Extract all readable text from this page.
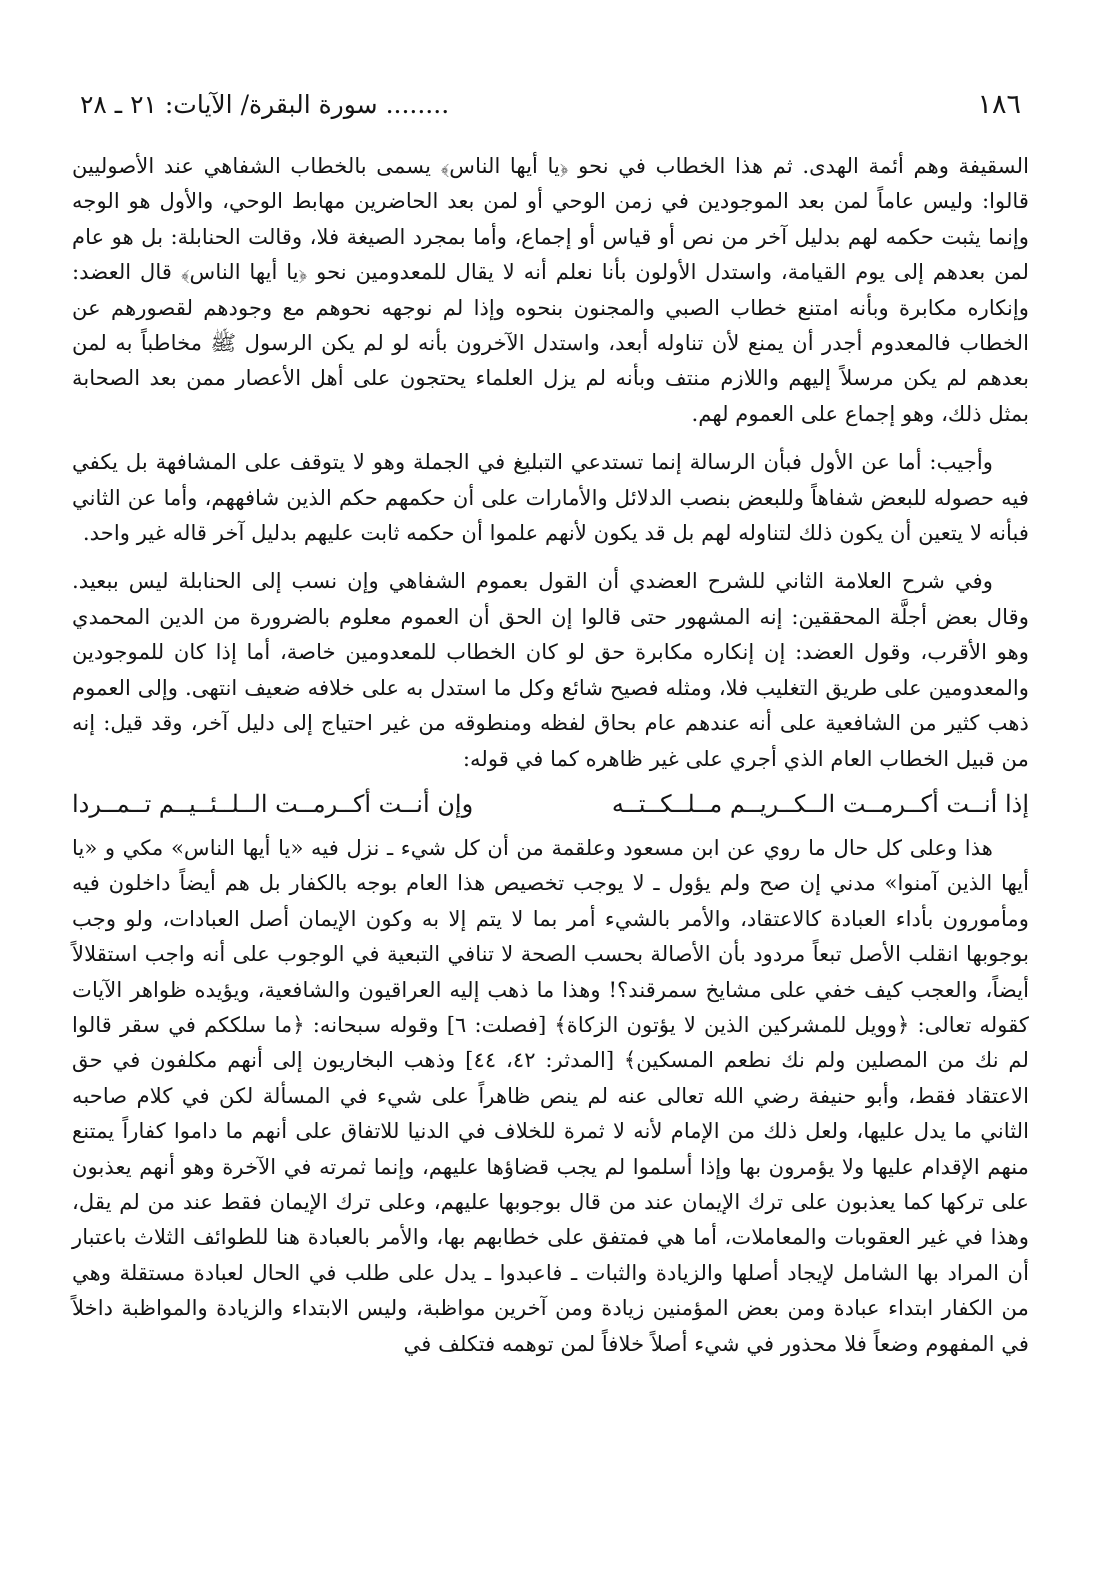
١٨٦
........ سورة البقرة/ الآيات: ٢١ ـ ٢٨

السقيفة وهم أئمة الهدى. ثم هذا الخطاب في نحو ﴿يا أيها الناس﴾ يسمى بالخطاب الشفاهي عند الأصوليين قالوا: وليس عاماً لمن بعد الموجودين في زمن الوحي أو لمن بعد الحاضرين مهابط الوحي، والأول هو الوجه وإنما يثبت حكمه لهم بدليل آخر من نص أو قياس أو إجماع، وأما بمجرد الصيغة فلا، وقالت الحنابلة: بل هو عام لمن بعدهم إلى يوم القيامة، واستدل الأولون بأنا نعلم أنه لا يقال للمعدومين نحو ﴿يا أيها الناس﴾ قال العضد: وإنكاره مكابرة وبأنه امتنع خطاب الصبي والمجنون بنحوه وإذا لم نوجهه نحوهم مع وجودهم لقصورهم عن الخطاب فالمعدوم أجدر أن يمنع لأن تناوله أبعد، واستدل الآخرون بأنه لو لم يكن الرسول ﷺ مخاطباً به لمن بعدهم لم يكن مرسلاً إليهم واللازم منتف وبأنه لم يزل العلماء يحتجون على أهل الأعصار ممن بعد الصحابة بمثل ذلك، وهو إجماع على العموم لهم.

وأجيب: أما عن الأول فبأن الرسالة إنما تستدعي التبليغ في الجملة وهو لا يتوقف على المشافهة بل يكفي فيه حصوله للبعض شفاهاً وللبعض بنصب الدلائل والأمارات على أن حكمهم حكم الذين شافههم، وأما عن الثاني فبأنه لا يتعين أن يكون ذلك لتناوله لهم بل قد يكون لأنهم علموا أن حكمه ثابت عليهم بدليل آخر قاله غير واحد.

وفي شرح العلامة الثاني للشرح العضدي أن القول بعموم الشفاهي وإن نسب إلى الحنابلة ليس ببعيد. وقال بعض أجلَّة المحققين: إنه المشهور حتى قالوا إن الحق أن العموم معلوم بالضرورة من الدين المحمدي وهو الأقرب، وقول العضد: إن إنكاره مكابرة حق لو كان الخطاب للمعدومين خاصة، أما إذا كان للموجودين والمعدومين على طريق التغليب فلا، ومثله فصيح شائع وكل ما استدل به على خلافه ضعيف انتهى. وإلى العموم ذهب كثير من الشافعية على أنه عندهم عام بحاق لفظه ومنطوقه من غير احتياج إلى دليل آخر، وقد قيل: إنه من قبيل الخطاب العام الذي أجري على غير ظاهره كما في قوله:

إذا أنــت أكــرمــت الــكــريــم مــلــكــتــه
وإن أنــت أكــرمــت الــلــئــيــم تــمــردا

هذا وعلى كل حال ما روي عن ابن مسعود وعلقمة من أن كل شيء ـ نزل فيه «يا أيها الناس» مكي و «يا أيها الذين آمنوا» مدني إن صح ولم يؤول ـ لا يوجب تخصيص هذا العام بوجه بالكفار بل هم أيضاً داخلون فيه ومأمورون بأداء العبادة كالاعتقاد، والأمر بالشيء أمر بما لا يتم إلا به وكون الإيمان أصل العبادات، ولو وجب بوجوبها انقلب الأصل تبعاً مردود بأن الأصالة بحسب الصحة لا تنافي التبعية في الوجوب على أنه واجب استقلالاً أيضاً، والعجب كيف خفي على مشايخ سمرقند؟! وهذا ما ذهب إليه العراقيون والشافعية، ويؤيده ظواهر الآيات كقوله تعالى: ﴿وويل للمشركين الذين لا يؤتون الزكاة﴾ [فصلت: ٦] وقوله سبحانه: ﴿ما سلككم في سقر قالوا لم نك من المصلين ولم نك نطعم المسكين﴾ [المدثر: ٤٢، ٤٤] وذهب البخاريون إلى أنهم مكلفون في حق الاعتقاد فقط، وأبو حنيفة رضي الله تعالى عنه لم ينص ظاهراً على شيء في المسألة لكن في كلام صاحبه الثاني ما يدل عليها، ولعل ذلك من الإمام لأنه لا ثمرة للخلاف في الدنيا للاتفاق على أنهم ما داموا كفاراً يمتنع منهم الإقدام عليها ولا يؤمرون بها وإذا أسلموا لم يجب قضاؤها عليهم، وإنما ثمرته في الآخرة وهو أنهم يعذبون على تركها كما يعذبون على ترك الإيمان عند من قال بوجوبها عليهم، وعلى ترك الإيمان فقط عند من لم يقل، وهذا في غير العقوبات والمعاملات، أما هي فمتفق على خطابهم بها، والأمر بالعبادة هنا للطوائف الثلاث باعتبار أن المراد بها الشامل لإيجاد أصلها والزيادة والثبات ـ فاعبدوا ـ يدل على طلب في الحال لعبادة مستقلة وهي من الكفار ابتداء عبادة ومن بعض المؤمنين زيادة ومن آخرين مواظبة، وليس الابتداء والزيادة والمواظبة داخلاً في المفهوم وضعاً فلا محذور في شيء أصلاً خلافاً لمن توهمه فتكلف في
